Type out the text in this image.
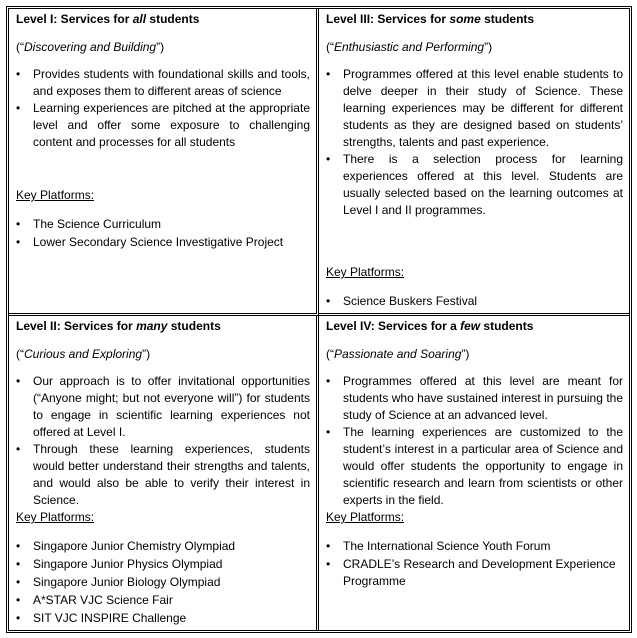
Level I: Services for all students

(“Discovering and Building”)

• Provides students with foundational skills and tools, and exposes them to different areas of science
• Learning experiences are pitched at the appropriate level and offer some exposure to challenging content and processes for all students

Key Platforms:

• The Science Curriculum
• Lower Secondary Science Investigative Project

Level III: Services for some students

(“Enthusiastic and Performing”)

• Programmes offered at this level enable students to delve deeper in their study of Science. These learning experiences may be different for different students as they are designed based on students’ strengths, talents and past experience.
• There is a selection process for learning experiences offered at this level. Students are usually selected based on the learning outcomes at Level I and II programmes.

Key Platforms:

• Science Buskers Festival
•

Level II: Services for many students

(“Curious and Exploring”)

• Our approach is to offer invitational opportunities (“Anyone might; but not everyone will”) for students to engage in scientific learning experiences not offered at Level I.
• Through these learning experiences, students would better understand their strengths and talents, and would also be able to verify their interest in Science.

Key Platforms:

• Singapore Junior Chemistry Olympiad
• Singapore Junior Physics Olympiad
• Singapore Junior Biology Olympiad
• A*STAR VJC Science Fair
• SIT VJC INSPIRE Challenge

Level IV: Services for a few students

(“Passionate and Soaring”)

• Programmes offered at this level are meant for students who have sustained interest in pursuing the study of Science at an advanced level.
• The learning experiences are customized to the student’s interest in a particular area of Science and would offer students the opportunity to engage in scientific research and learn from scientists or other experts in the field.

Key Platforms:

• The International Science Youth Forum
• CRADLE’s Research and Development Experience Programme
